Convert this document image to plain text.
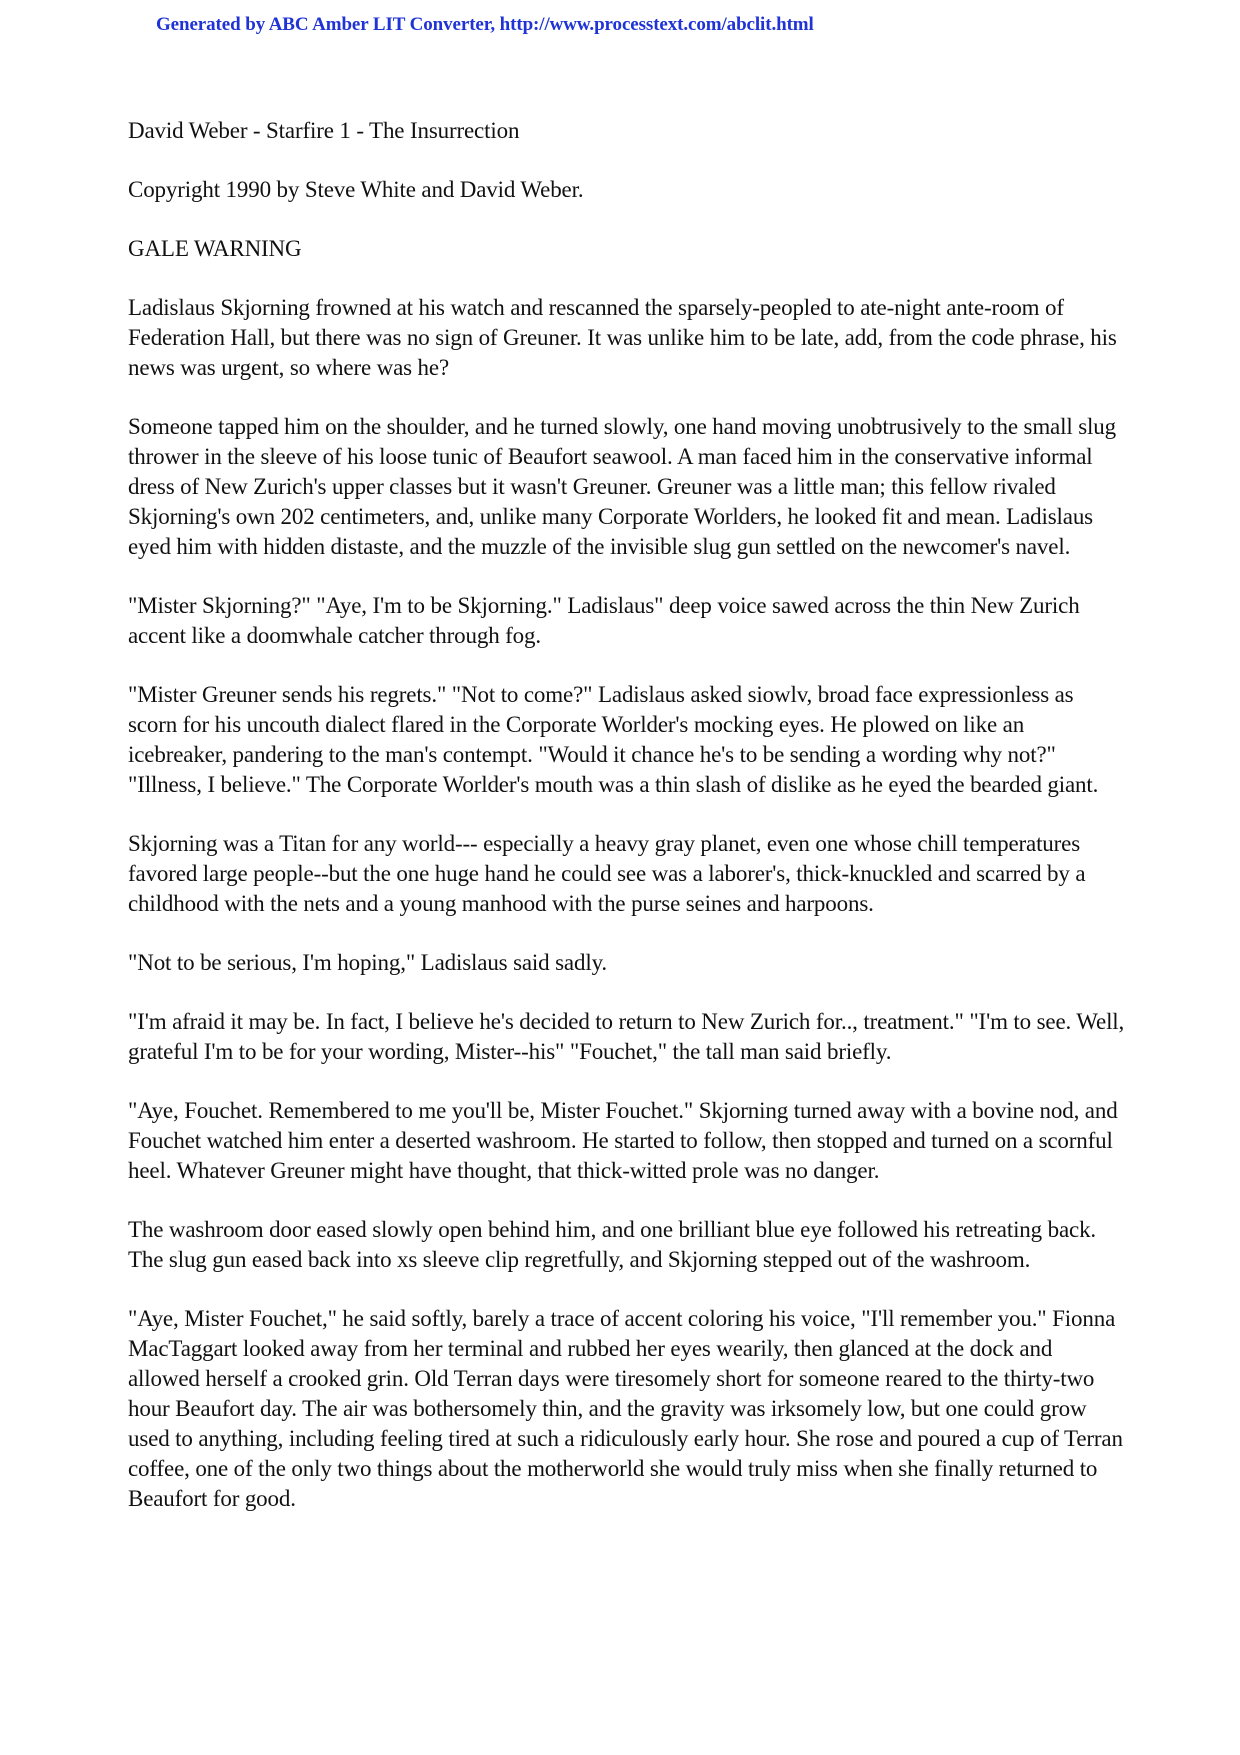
Generated by ABC Amber LIT Converter, http://www.processtext.com/abclit.html

David Weber - Starfire 1 - The Insurrection

Copyright 1990 by Steve White and David Weber.

GALE WARNING

Ladislaus Skjorning frowned at his watch and rescanned the sparsely-peopled to ate-night ante-room of Federation Hall, but there was no sign of Greuner. It was unlike him to be late, add, from the code phrase, his news was urgent, so where was he?

Someone tapped him on the shoulder, and he turned slowly, one hand moving unobtrusively to the small slug thrower in the sleeve of his loose tunic of Beaufort seawool. A man faced him in the conservative informal dress of New Zurich's upper classes but it wasn't Greuner. Greuner was a little man; this fellow rivaled Skjorning's own 202 centimeters, and, unlike many Corporate Worlders, he looked fit and mean. Ladislaus eyed him with hidden distaste, and the muzzle of the invisible slug gun settled on the newcomer's navel.

"Mister Skjorning?" "Aye, I'm to be Skjorning." Ladislaus" deep voice sawed across the thin New Zurich accent like a doomwhale catcher through fog.

"Mister Greuner sends his regrets." "Not to come?" Ladislaus asked siowlv, broad face expressionless as scorn for his uncouth dialect flared in the Corporate Worlder's mocking eyes. He plowed on like an icebreaker, pandering to the man's contempt. "Would it chance he's to be sending a wording why not?" "Illness, I believe." The Corporate Worlder's mouth was a thin slash of dislike as he eyed the bearded giant.

Skjorning was a Titan for any world--- especially a heavy gray planet, even one whose chill temperatures favored large people--but the one huge hand he could see was a laborer's, thick-knuckled and scarred by a childhood with the nets and a young manhood with the purse seines and harpoons.

"Not to be serious, I'm hoping," Ladislaus said sadly.

"I'm afraid it may be. In fact, I believe he's decided to return to New Zurich for.., treatment." "I'm to see. Well, grateful I'm to be for your wording, Mister--his" "Fouchet," the tall man said briefly.

"Aye, Fouchet. Remembered to me you'll be, Mister Fouchet." Skjorning turned away with a bovine nod, and Fouchet watched him enter a deserted washroom. He started to follow, then stopped and turned on a scornful heel. Whatever Greuner might have thought, that thick-witted prole was no danger.

The washroom door eased slowly open behind him, and one brilliant blue eye followed his retreating back. The slug gun eased back into xs sleeve clip regretfully, and Skjorning stepped out of the washroom.

"Aye, Mister Fouchet," he said softly, barely a trace of accent coloring his voice, "I'll remember you." Fionna MacTaggart looked away from her terminal and rubbed her eyes wearily, then glanced at the dock and allowed herself a crooked grin. Old Terran days were tiresomely short for someone reared to the thirty-two hour Beaufort day. The air was bothersomely thin, and the gravity was irksomely low, but one could grow used to anything, including feeling tired at such a ridiculously early hour. She rose and poured a cup of Terran coffee, one of the only two things about the motherworld she would truly miss when she finally returned to Beaufort for good.
